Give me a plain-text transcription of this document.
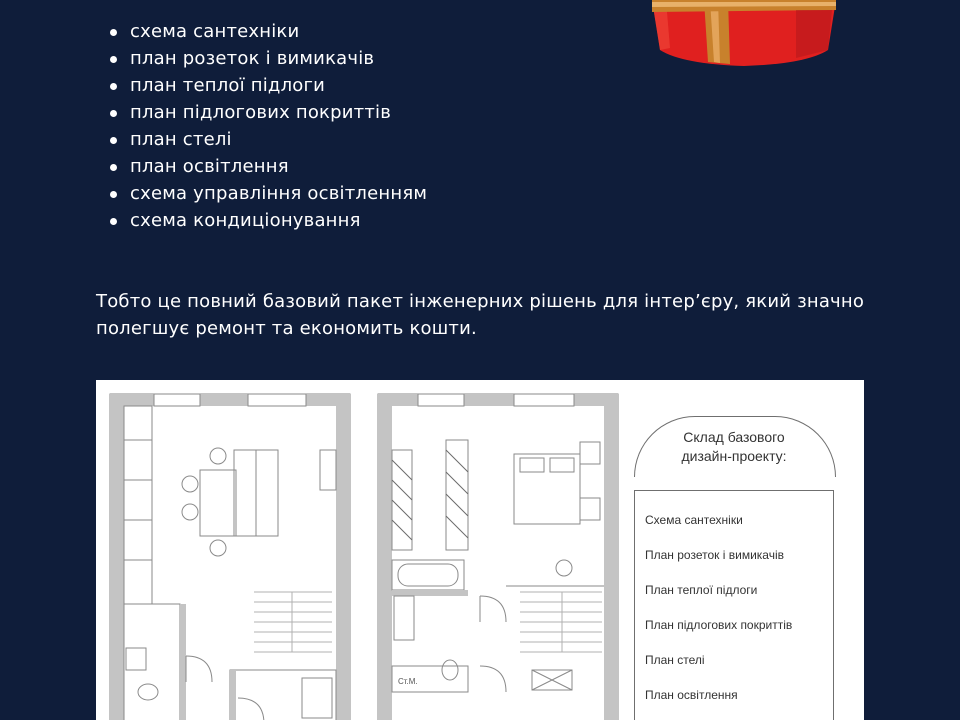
схема сантехніки
план розеток і вимикачів
план теплої підлоги
план підлогових покриттів
план стелі
план освітлення
схема управління освітленням
схема кондиціонування

Тобто це повний базовий пакет інженерних рішень для інтер’єру, який значно полегшує ремонт та економить кошти.

Ст.М.
Склад базового
дизайн-проекту:
Схема сантехніки
План розеток і вимикачів
План теплої підлоги
План підлогових покриттів
План стелі
План освітлення
